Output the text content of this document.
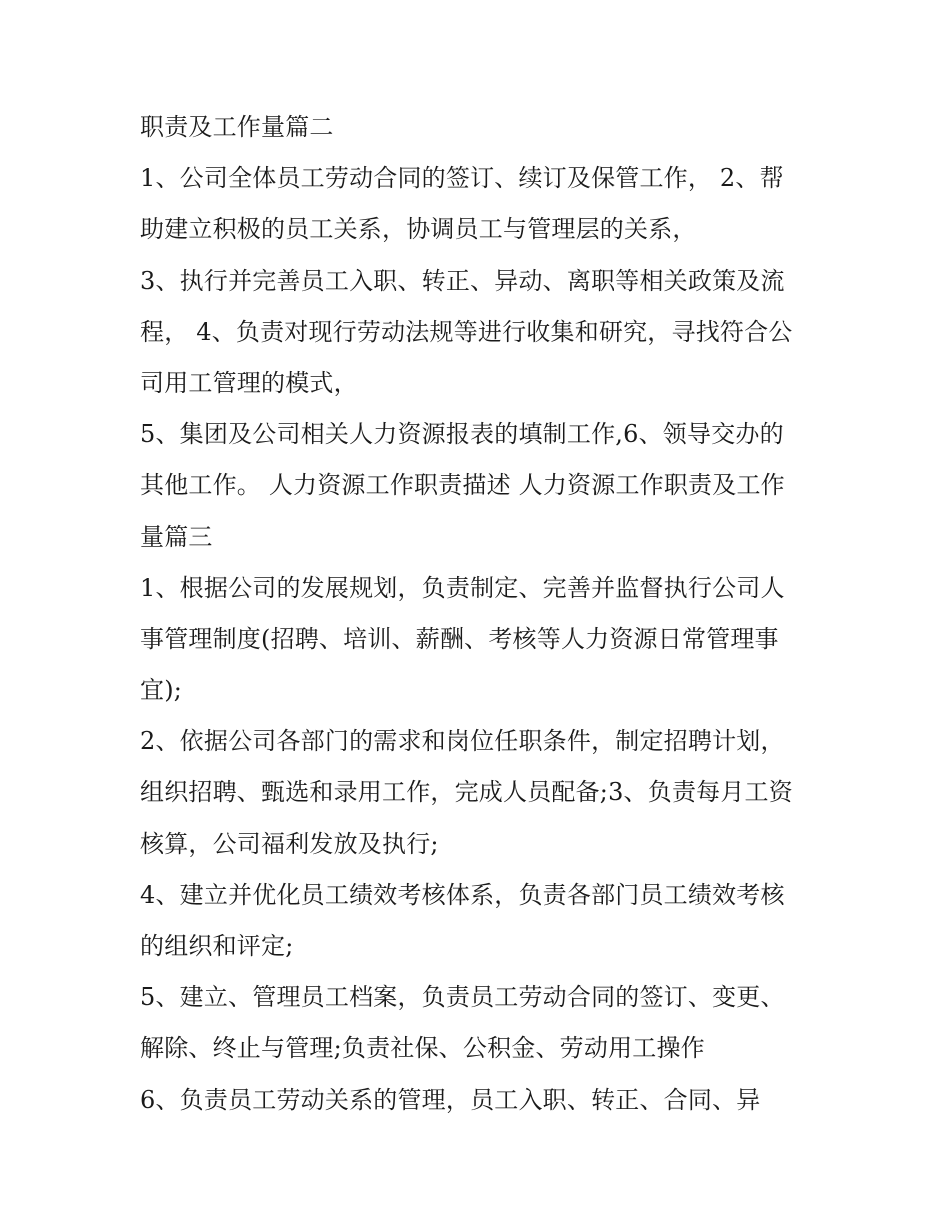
职责及工作量篇二
1、公司全体员工劳动合同的签订、续订及保管工作， 2、帮
助建立积极的员工关系，协调员工与管理层的关系，
3、执行并完善员工入职、转正、异动、离职等相关政策及流
程， 4、负责对现行劳动法规等进行收集和研究，寻找符合公
司用工管理的模式，
5、集团及公司相关人力资源报表的填制工作,6、领导交办的
其他工作。 人力资源工作职责描述 人力资源工作职责及工作
量篇三
1、根据公司的发展规划，负责制定、完善并监督执行公司人
事管理制度(招聘、培训、薪酬、考核等人力资源日常管理事
宜);
2、依据公司各部门的需求和岗位任职条件，制定招聘计划，
组织招聘、甄选和录用工作，完成人员配备;3、负责每月工资
核算，公司福利发放及执行;
4、建立并优化员工绩效考核体系，负责各部门员工绩效考核
的组织和评定;
5、建立、管理员工档案，负责员工劳动合同的签订、变更、
解除、终止与管理;负责社保、公积金、劳动用工操作
6、负责员工劳动关系的管理，员工入职、转正、合同、异
